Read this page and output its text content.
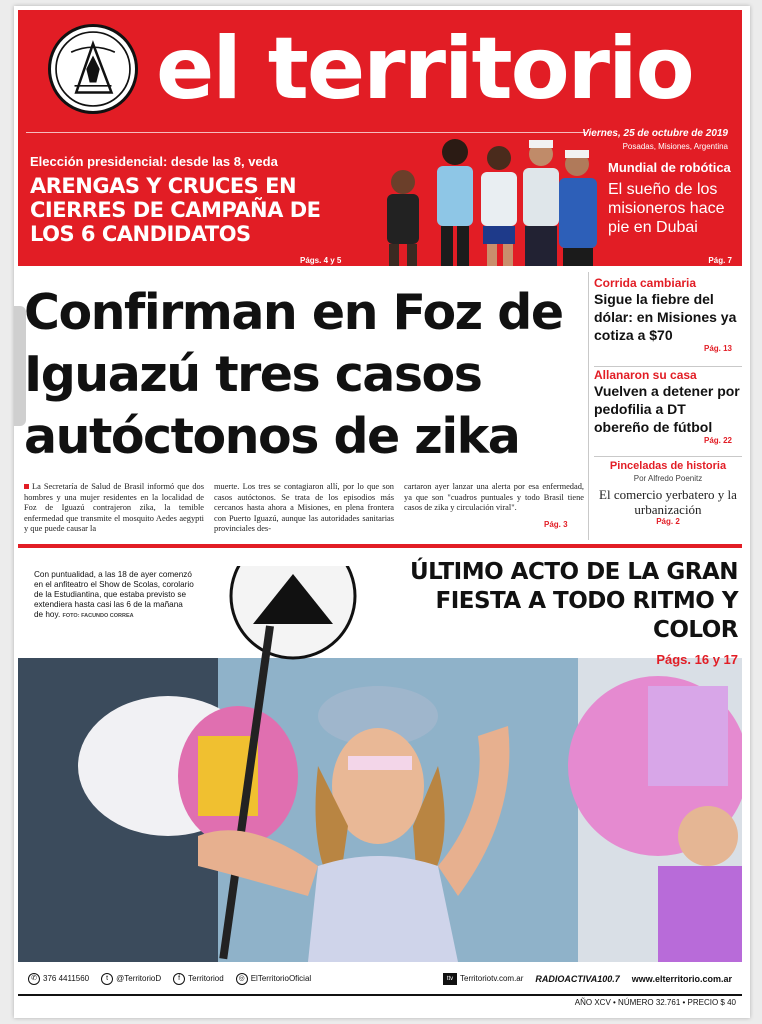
el territorio
Viernes, 25 de octubre de 2019
Posadas, Misiones, Argentina
Elección presidencial: desde las 8, veda
ARENGAS Y CRUCES EN CIERRES DE CAMPAÑA DE LOS 6 CANDIDATOS
Págs. 4 y 5
Mundial de robótica
El sueño de los misioneros hace pie en Dubai
Pág. 7
Confirman en Foz de Iguazú tres casos autóctonos de zika
La Secretaría de Salud de Brasil informó que dos hombres y una mujer residentes en la localidad de Foz de Iguazú contrajeron zika, la temible enfermedad que transmite el mosquito Aedes aegypti y que puede causar la
muerte. Los tres se contagiaron allí, por lo que son casos autóctonos. Se trata de los episodios más cercanos hasta ahora a Misiones, en plena frontera con Puerto Iguazú, aunque las autoridades sanitarias provinciales des-
cartaron ayer lanzar una alerta por esa enfermedad, ya que son "cuadros puntuales y todo Brasil tiene casos de zika y circulación viral".
Pág. 3
Corrida cambiaria
Sigue la fiebre del dólar: en Misiones ya cotiza a $70
Pág. 13
Allanaron su casa
Vuelven a detener por pedofilia a DT obereño de fútbol
Pág. 22
Pinceladas de historia
Por Alfredo Poenitz
El comercio yerbatero y la urbanización
Pág. 2
Con puntualidad, a las 18 de ayer comenzó en el anfiteatro el Show de Scolas, corolario de la Estudiantina, que estaba previsto se extendiera hasta casi las 6 de la mañana de hoy. FOTO: FACUNDO CORREA
ÚLTIMO ACTO DE LA GRAN FIESTA A TODO RITMO Y COLOR
Págs. 16 y 17
✆ 376 4411560	t @TerritorioD	f Territoriod	◎ ElTerritorioOficial	ttv Territoriotv.com.ar RADIOACTIVA100.7 www.elterritorio.com.ar
AÑO XCV • NÚMERO 32.761 • PRECIO $ 40
